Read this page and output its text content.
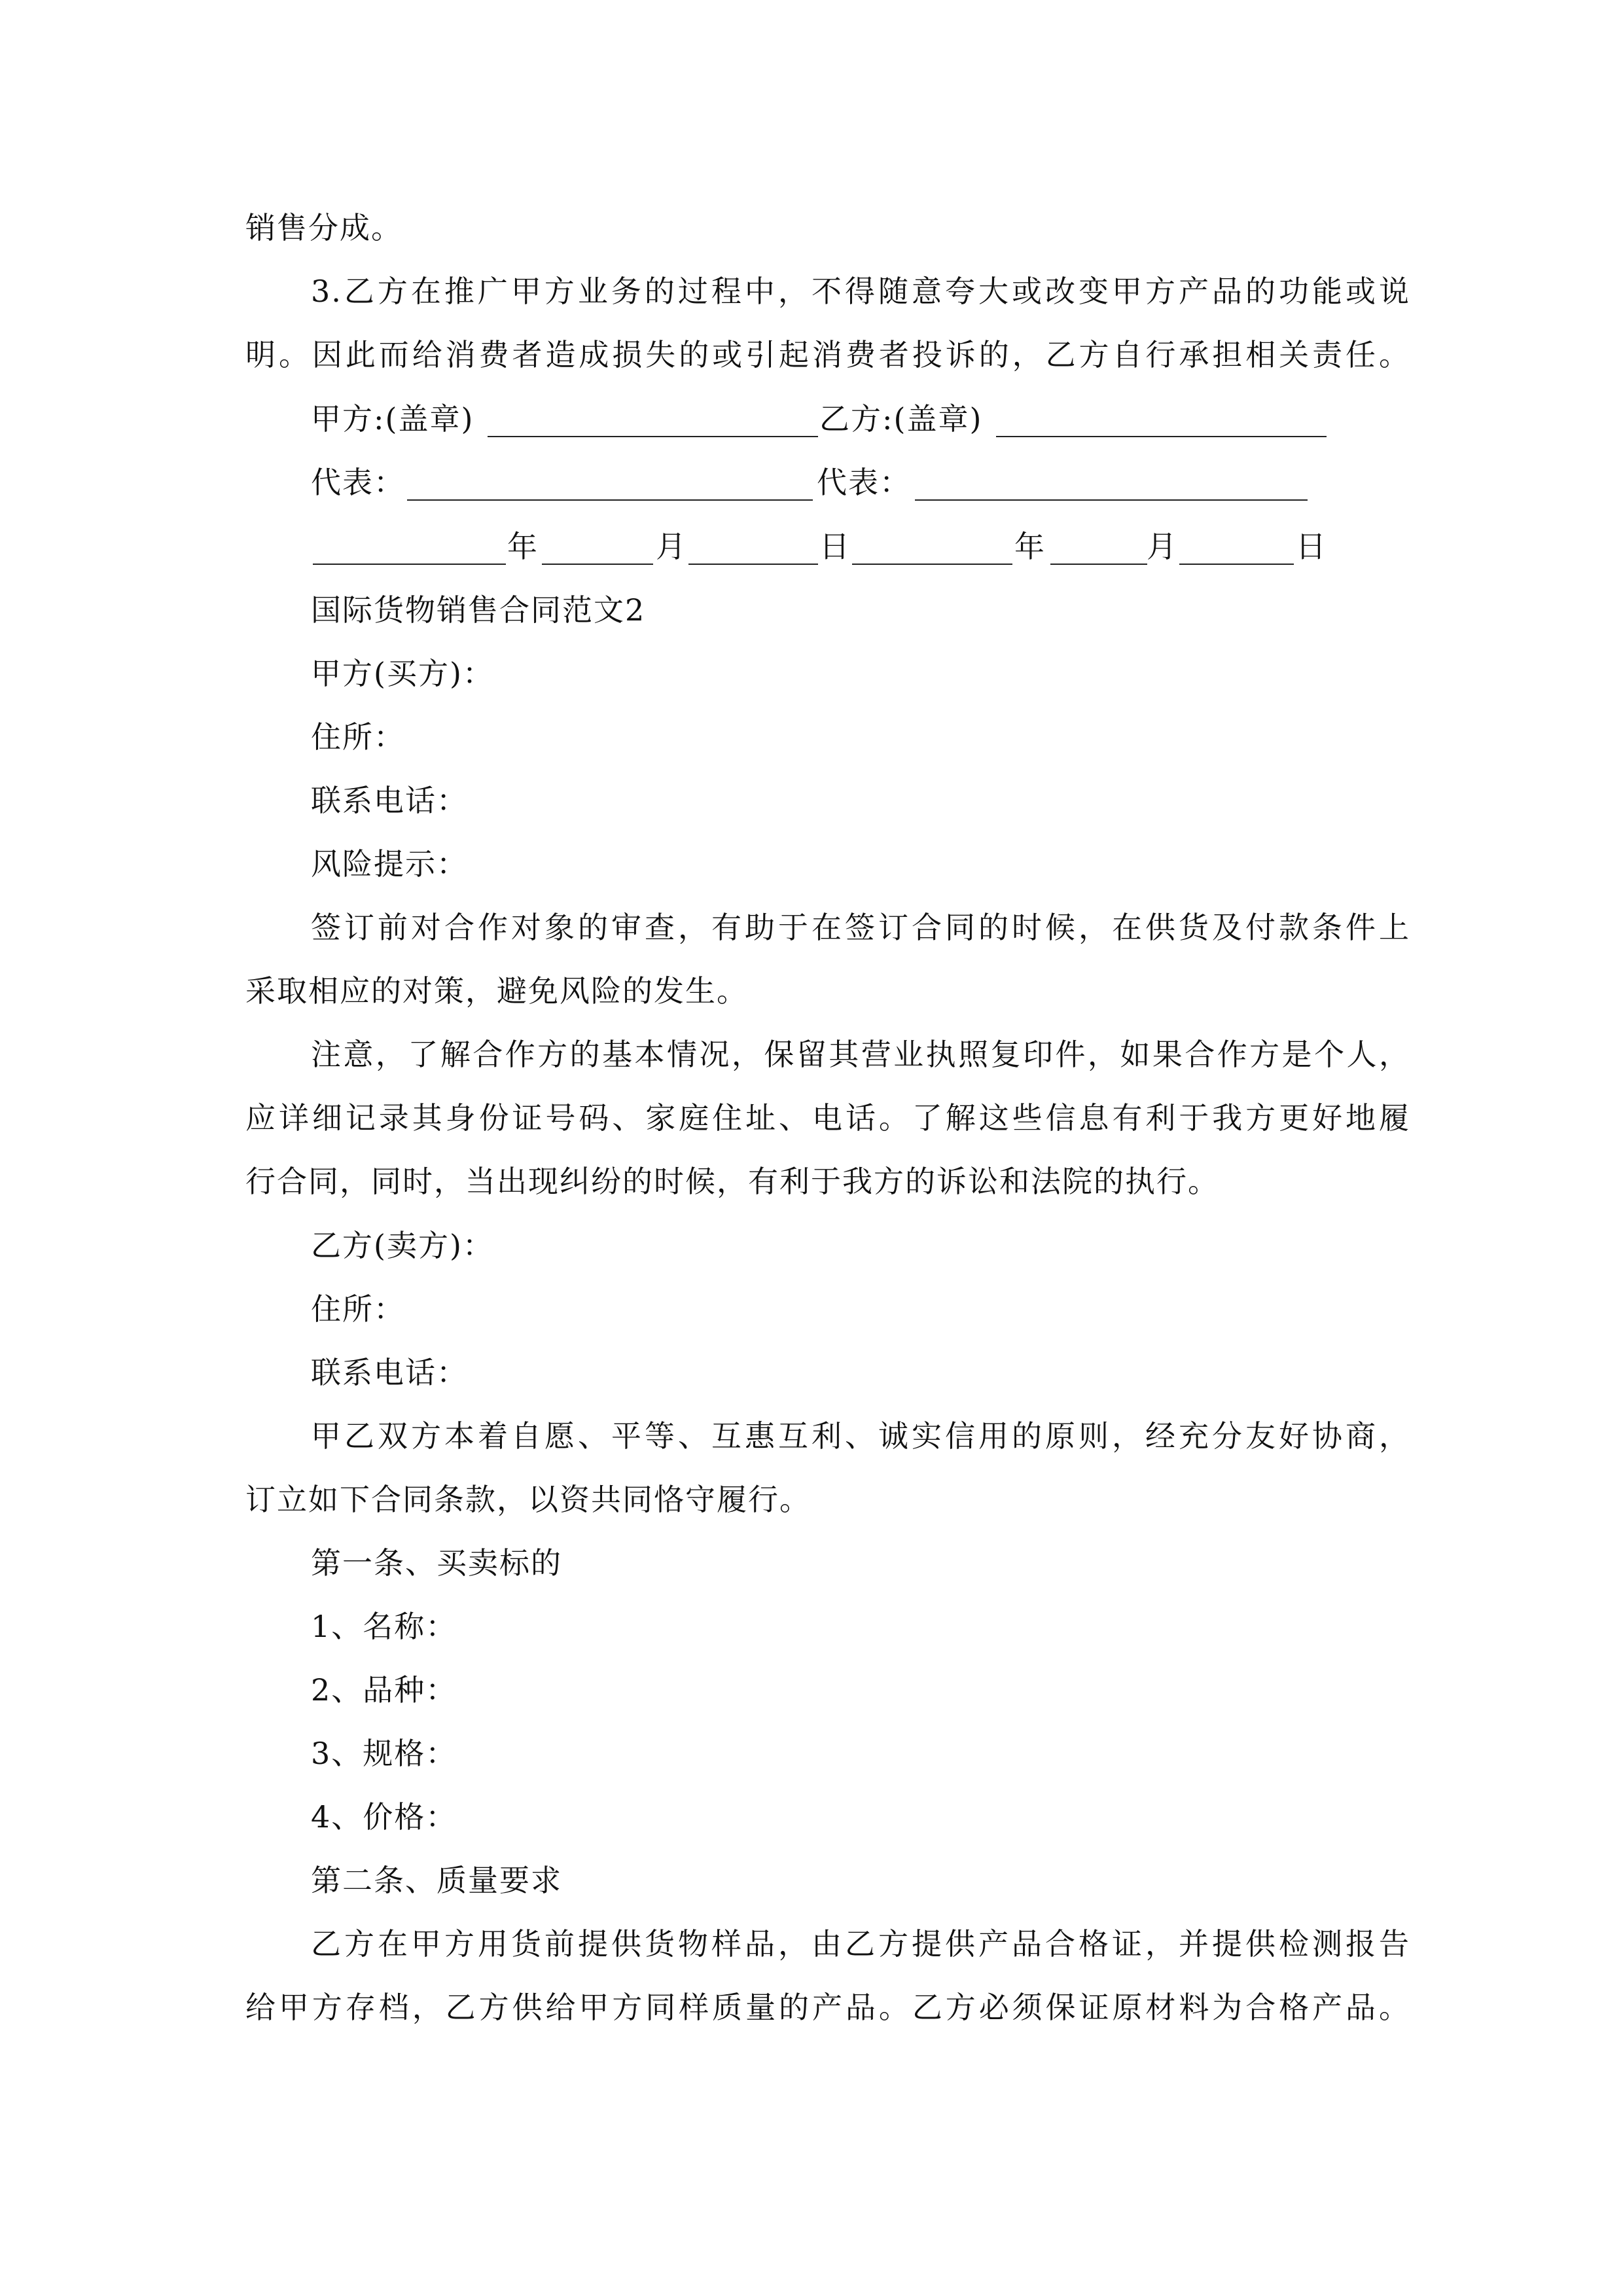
销售分成。
3.乙方在推广甲方业务的过程中，不得随意夸大或改变甲方产品的功能或说
明。因此而给消费者造成损失的或引起消费者投诉的，乙方自行承担相关责任。
甲方:(盖章)	乙方:(盖章)
代表：	代表：
年	月	日	年	月	日
国际货物销售合同范文2
甲方(买方)：
住所：
联系电话：
风险提示：
签订前对合作对象的审查，有助于在签订合同的时候，在供货及付款条件上
采取相应的对策，避免风险的发生。
注意，了解合作方的基本情况，保留其营业执照复印件，如果合作方是个人，
应详细记录其身份证号码、家庭住址、电话。了解这些信息有利于我方更好地履
行合同，同时，当出现纠纷的时候，有利于我方的诉讼和法院的执行。
乙方(卖方)：
住所：
联系电话：
甲乙双方本着自愿、平等、互惠互利、诚实信用的原则，经充分友好协商，
订立如下合同条款，以资共同恪守履行。
第一条、买卖标的
1、名称：
2、品种：
3、规格：
4、价格：
第二条、质量要求
乙方在甲方用货前提供货物样品，由乙方提供产品合格证，并提供检测报告
给甲方存档，乙方供给甲方同样质量的产品。乙方必须保证原材料为合格产品。
